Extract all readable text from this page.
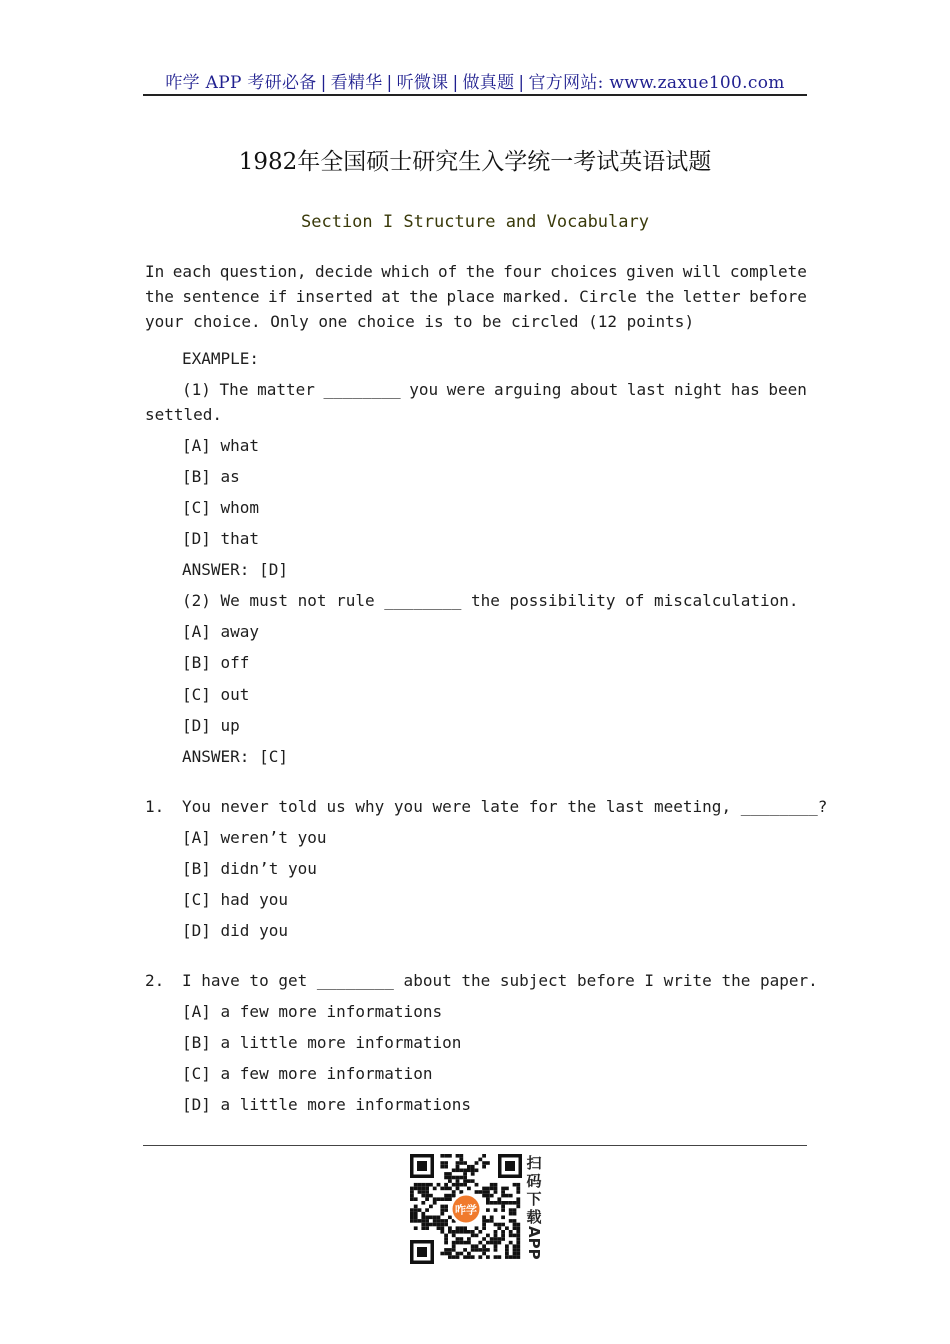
咋学 APP 考研必备 | 看精华 | 听微课 | 做真题 | 官方网站: www.zaxue100.com
1982年全国硕士研究生入学统一考试英语试题
Section I Structure and Vocabulary
In each question, decide which of the four choices given will complete
the sentence if inserted at the place marked. Circle the letter before
your choice. Only one choice is to be circled (12 points)
EXAMPLE:
(1) The matter ________ you were arguing about last night has been
settled.
[A] what
[B] as
[C] whom
[D] that
ANSWER: [D]
(2) We must not rule ________ the possibility of miscalculation.
[A] away
[B] off
[C] out
[D] up
ANSWER: [C]
1.	You never told us why you were late for the last meeting, ________?
[A] weren’t you
[B] didn’t you
[C] had you
[D] did you
2.	I have to get ________ about the subject before I write the paper.
[A] a few more informations
[B] a little more information
[C] a few more information
[D] a little more informations
咋学
扫
码
下
载
APP
